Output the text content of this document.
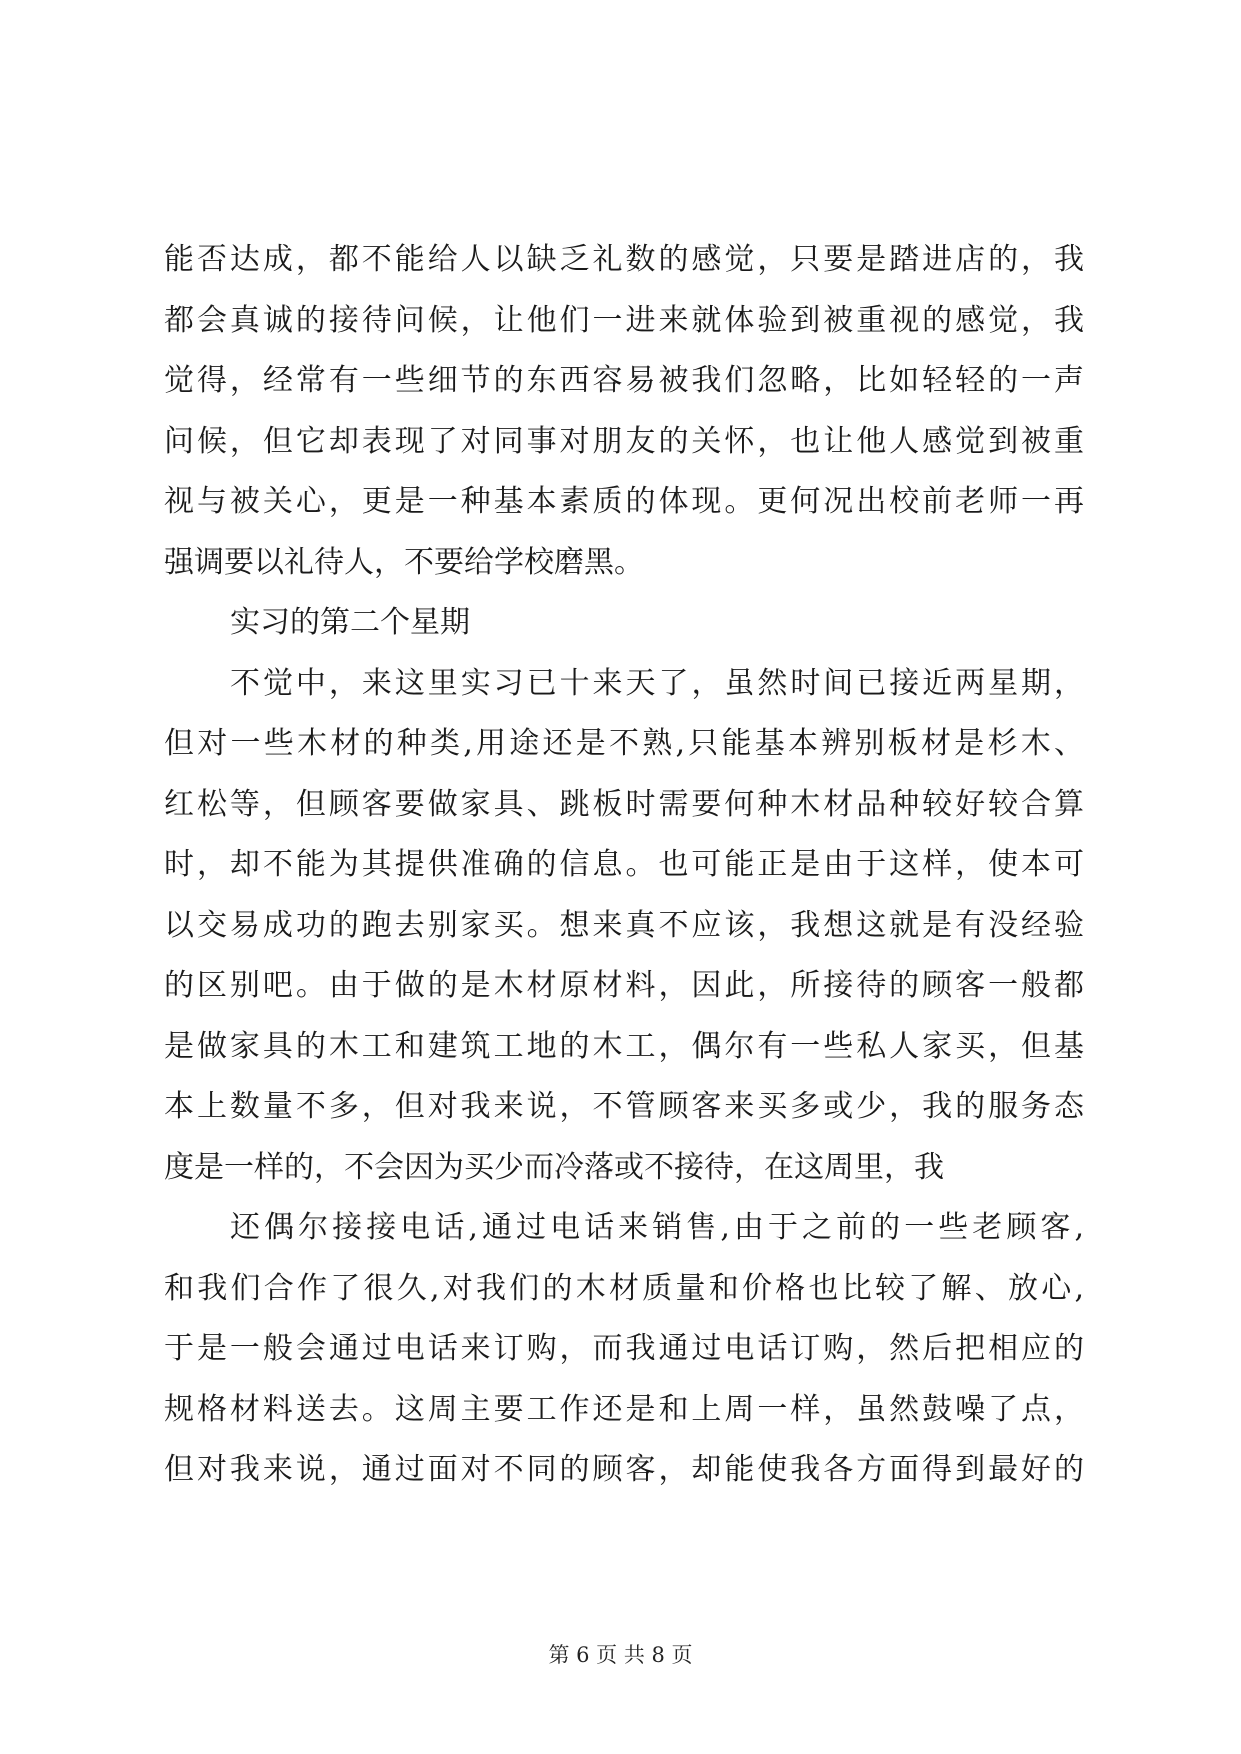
能否达成，都不能给人以缺乏礼数的感觉，只要是踏进店的，我
都会真诚的接待问候，让他们一进来就体验到被重视的感觉，我
觉得，经常有一些细节的东西容易被我们忽略，比如轻轻的一声
问候，但它却表现了对同事对朋友的关怀，也让他人感觉到被重
视与被关心，更是一种基本素质的体现。更何况出校前老师一再
强调要以礼待人，不要给学校磨黑。
实习的第二个星期
不觉中，来这里实习已十来天了，虽然时间已接近两星期，
但对一些木材的种类,用途还是不熟,只能基本辨别板材是杉木、
红松等，但顾客要做家具、跳板时需要何种木材品种较好较合算
时，却不能为其提供准确的信息。也可能正是由于这样，使本可
以交易成功的跑去别家买。想来真不应该，我想这就是有没经验
的区别吧。由于做的是木材原材料，因此，所接待的顾客一般都
是做家具的木工和建筑工地的木工，偶尔有一些私人家买，但基
本上数量不多，但对我来说，不管顾客来买多或少，我的服务态
度是一样的，不会因为买少而冷落或不接待，在这周里，我
还偶尔接接电话,通过电话来销售,由于之前的一些老顾客,
和我们合作了很久,对我们的木材质量和价格也比较了解、放心,
于是一般会通过电话来订购，而我通过电话订购，然后把相应的
规格材料送去。这周主要工作还是和上周一样，虽然鼓噪了点，
但对我来说，通过面对不同的顾客，却能使我各方面得到最好的
第 6 页 共 8 页
